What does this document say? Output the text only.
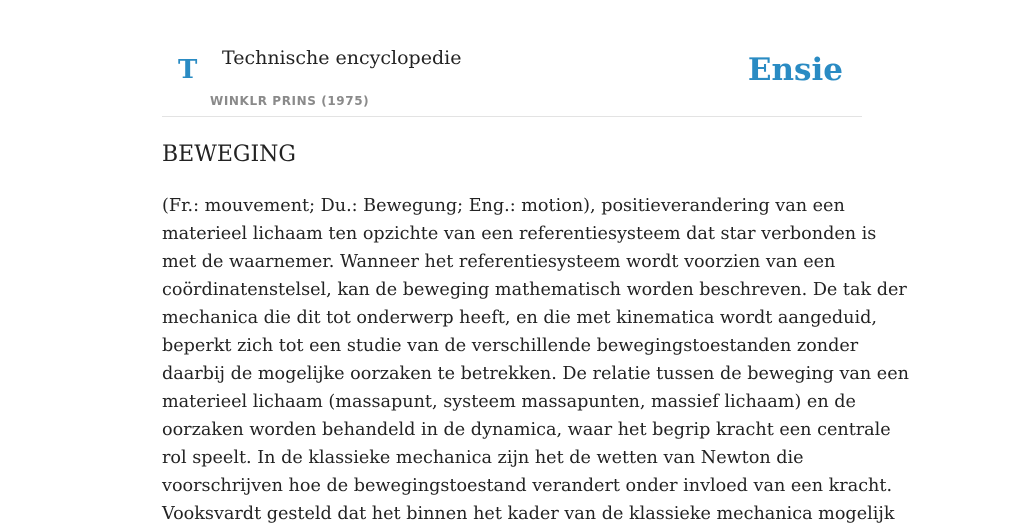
T Technische encyclopedie
WINKLR PRINS (1975)
Ensie
BEWEGING
(Fr.: mouvement; Du.: Bewegung; Eng.: motion), positieverandering van een
materieel lichaam ten opzichte van een referentiesysteem dat star verbonden is
met de waarnemer. Wanneer het referentiesysteem wordt voorzien van een
coördinatenstelsel, kan de beweging mathematisch worden beschreven. De tak der
mechanica die dit tot onderwerp heeft, en die met kinematica wordt aangeduid,
beperkt zich tot een studie van de verschillende bewegingstoestanden zonder
daarbij de mogelijke oorzaken te betrekken. De relatie tussen de beweging van een
materieel lichaam (massapunt, systeem massapunten, massief lichaam) en de
oorzaken worden behandeld in de dynamica, waar het begrip kracht een centrale
rol speelt. In de klassieke mechanica zijn het de wetten van Newton die
voorschrijven hoe de bewegingstoestand verandert onder invloed van een kracht.
Vooksvardt gesteld dat het binnen het kader van de klassieke mechanica mogelijk
